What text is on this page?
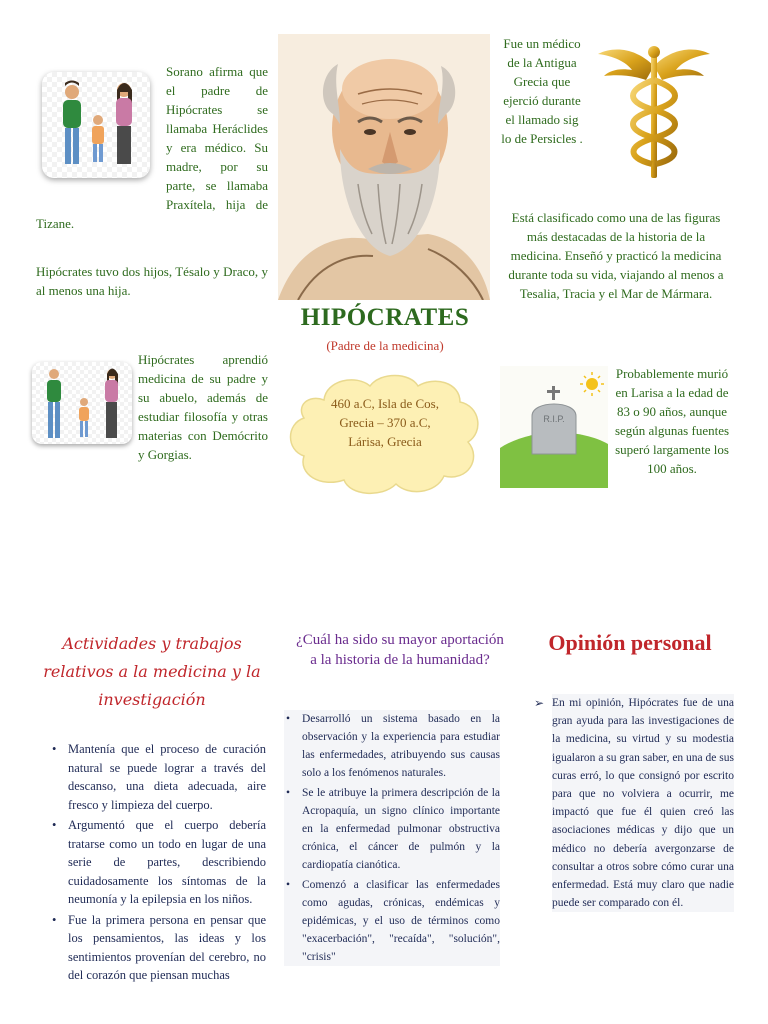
Sorano afirma que el padre de Hipócrates se llamaba Heráclides y era médico. Su madre, por su parte, se llamaba Praxítela, hija de Tizane.
Hipócrates tuvo dos hijos, Tésalo y Draco, y al menos una hija.
Fue un médico de la Antigua Grecia que ejerció durante el llamado sig lo de Persicles .
Está clasificado como una de las figuras más destacadas de la historia de la medicina. Enseñó y practicó la medicina durante toda su vida, viajando al menos a Tesalia, Tracia y el Mar de Mármara.
HIPÓCRATES
(Padre de la medicina)
Hipócrates aprendió medicina de su padre y su abuelo, además de estudiar filosofía y otras materias con Demócrito y Gorgias.
460 a.C, Isla de Cos, Grecia – 370 a.C, Lárisa, Grecia
R.I.P.
Probablemente murió en Larisa a la edad de 83 o 90 años, aunque según algunas fuentes superó largamente los 100 años.
Actividades y trabajos relativos a la medicina y la investigación
• Mantenía que el proceso de curación natural se puede lograr a través del descanso, una dieta adecuada, aire fresco y limpieza del cuerpo.
• Argumentó que el cuerpo debería tratarse como un todo en lugar de una serie de partes, describiendo cuidadosamente los síntomas de la neumonía y la epilepsia en los niños.
• Fue la primera persona en pensar que los pensamientos, las ideas y los sentimientos provenían del cerebro, no del corazón que piensan muchas
¿Cuál ha sido su mayor aportación a la historia de la humanidad?
• Desarrolló un sistema basado en la observación y la experiencia para estudiar las enfermedades, atribuyendo sus causas solo a los fenómenos naturales.
• Se le atribuye la primera descripción de la Acropaquía, un signo clínico importante en la enfermedad pulmonar obstructiva crónica, el cáncer de pulmón y la cardiopatía cianótica.
• Comenzó a clasificar las enfermedades como agudas, crónicas, endémicas y epidémicas, y el uso de términos como "exacerbación", "recaída", "solución", "crisis"
Opinión personal
➢ En mi opinión, Hipócrates fue de una gran ayuda para las investigaciones de la medicina, su virtud y su modestia igualaron a su gran saber, en una de sus curas erró, lo que consignó por escrito para que no volviera a ocurrir, me impactó que fue él quien creó las asociaciones médicas y dijo que un médico no debería avergonzarse de consultar a otros sobre cómo curar una enfermedad. Está muy claro que nadie puede ser comparado con él.
